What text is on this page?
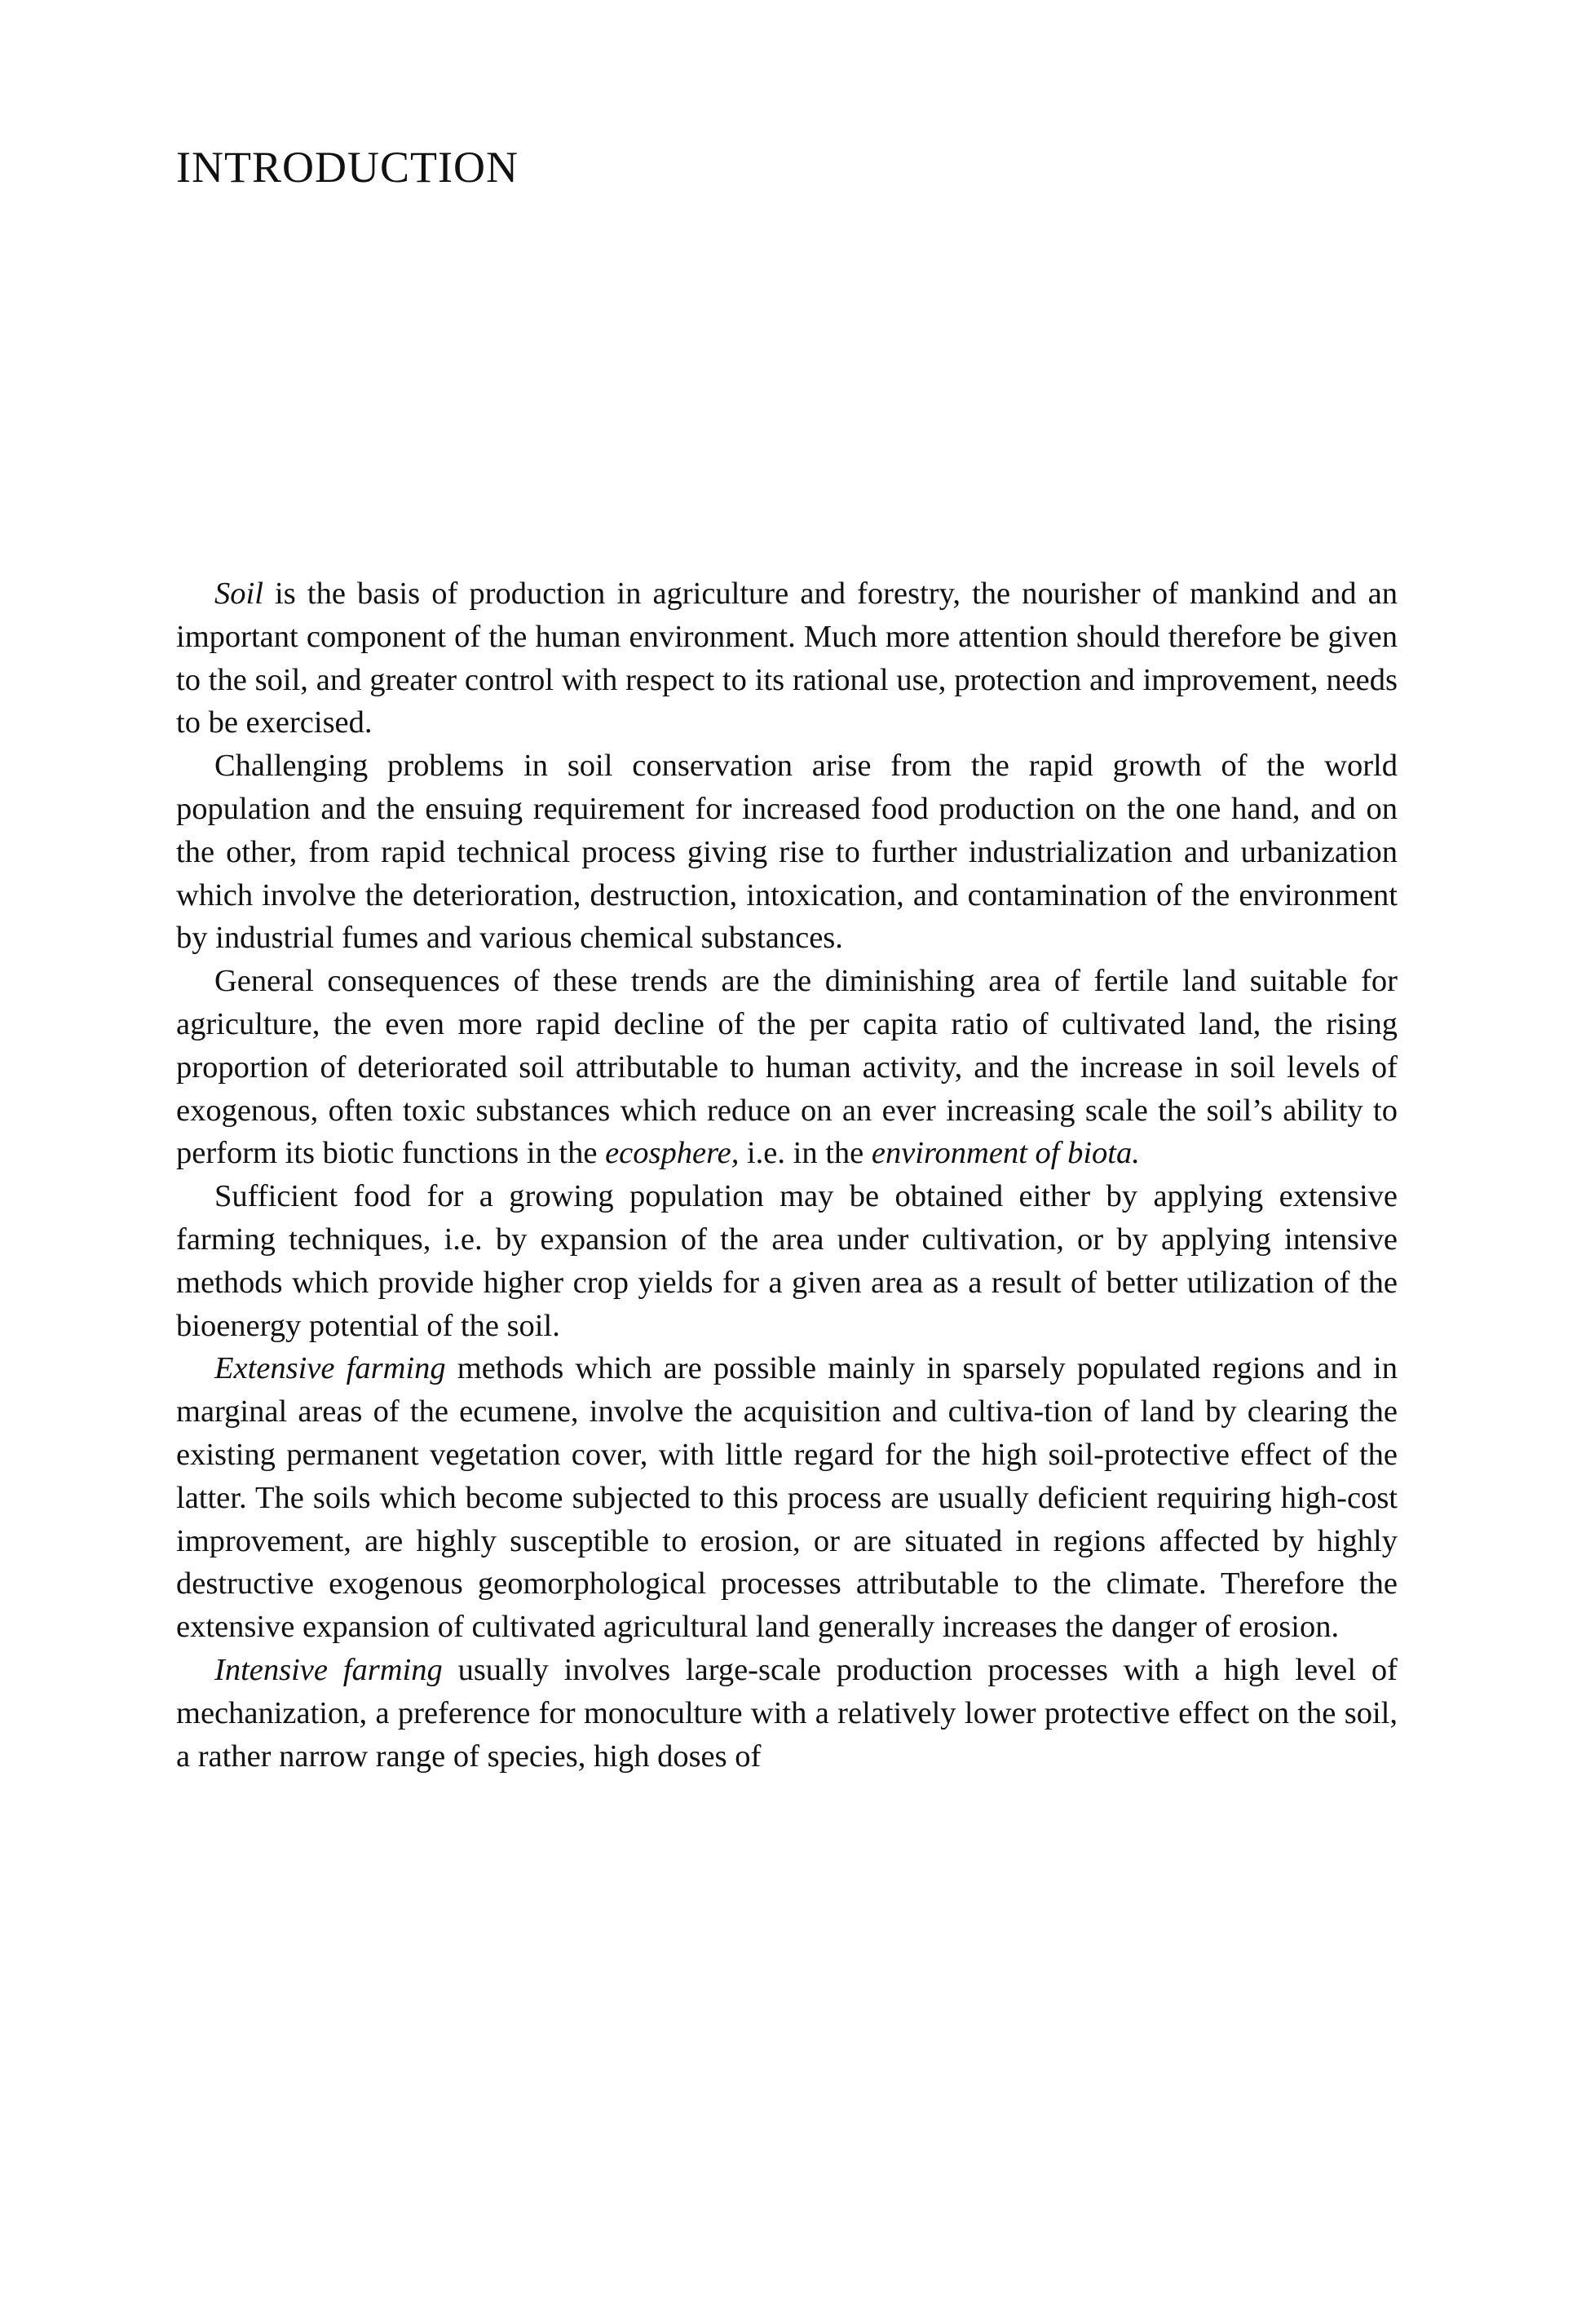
INTRODUCTION

Soil is the basis of production in agriculture and forestry, the nourisher of mankind and an important component of the human environment. Much more attention should therefore be given to the soil, and greater control with respect to its rational use, protection and improvement, needs to be exercised.

Challenging problems in soil conservation arise from the rapid growth of the world population and the ensuing requirement for increased food production on the one hand, and on the other, from rapid technical process giving rise to further industrialization and urbanization which involve the deterioration, destruction, intoxication, and contamination of the environment by industrial fumes and various chemical substances.

General consequences of these trends are the diminishing area of fertile land suitable for agriculture, the even more rapid decline of the per capita ratio of cultivated land, the rising proportion of deteriorated soil attributable to human activity, and the increase in soil levels of exogenous, often toxic substances which reduce on an ever increasing scale the soil’s ability to perform its biotic functions in the ecosphere, i.e. in the environment of biota.

Sufficient food for a growing population may be obtained either by applying extensive farming techniques, i.e. by expansion of the area under cultivation, or by applying intensive methods which provide higher crop yields for a given area as a result of better utilization of the bioenergy potential of the soil.

Extensive farming methods which are possible mainly in sparsely populated regions and in marginal areas of the ecumene, involve the acquisition and cultiva-tion of land by clearing the existing permanent vegetation cover, with little regard for the high soil-protective effect of the latter. The soils which become subjected to this process are usually deficient requiring high-cost improvement, are highly susceptible to erosion, or are situated in regions affected by highly destructive exogenous geomorphological processes attributable to the climate. Therefore the extensive expansion of cultivated agricultural land generally increases the danger of erosion.

Intensive farming usually involves large-scale production processes with a high level of mechanization, a preference for monoculture with a relatively lower protective effect on the soil, a rather narrow range of species, high doses of
